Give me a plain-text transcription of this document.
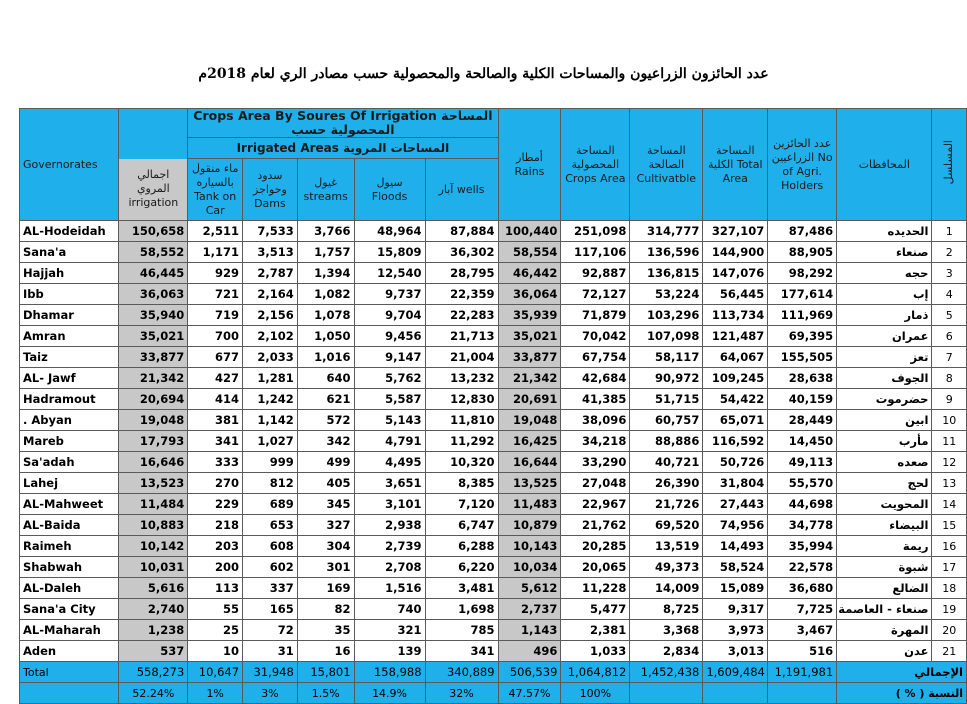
عدد الحائزون الزراعيون والمساحات الكلية والصالحة والمحصولية حسب مصادر الري لعام 2018م
Governorates		Crops Area By Soures Of Irrigation المساحة المحصولية حسب					أمطار Rains	المساحة المحصولية Crops Area	المساحة الصالحة Cultivatble	المساحة الكلية Total Area	عدد الحائزين الزراعيين No of Agri. Holders	المحافظات	المسلسل
		Irrigated Areas المساحات المروية											
	اجمالي المروي irrigation	ماء منقول بالسياره Tank on Car	سدود وحواجز Dams	غيول streams	سيول Floods	آبار wells							
AL-Hodeidah	150,658	2,511	7,533	3,766	48,964	87,884	100,440	251,098	314,777	327,107	87,486	الحديده	1
Sana'a	58,552	1,171	3,513	1,757	15,809	36,302	58,554	117,106	136,596	144,900	88,905	صنعاء	2
Hajjah	46,445	929	2,787	1,394	12,540	28,795	46,442	92,887	136,815	147,076	98,292	حجه	3
Ibb	36,063	721	2,164	1,082	9,737	22,359	36,064	72,127	53,224	56,445	177,614	إب	4
Dhamar	35,940	719	2,156	1,078	9,704	22,283	35,939	71,879	103,296	113,734	111,969	ذمار	5
Amran	35,021	700	2,102	1,050	9,456	21,713	35,021	70,042	107,098	121,487	69,395	عمران	6
Taiz	33,877	677	2,033	1,016	9,147	21,004	33,877	67,754	58,117	64,067	155,505	تعز	7
AL- Jawf	21,342	427	1,281	640	5,762	13,232	21,342	42,684	90,972	109,245	28,638	الجوف	8
Hadramout	20,694	414	1,242	621	5,587	12,830	20,691	41,385	51,715	54,422	40,159	حضرموت	9
. Abyan	19,048	381	1,142	572	5,143	11,810	19,048	38,096	60,757	65,071	28,449	ابين	10
Mareb	17,793	341	1,027	342	4,791	11,292	16,425	34,218	88,886	116,592	14,450	مأرب	11
Sa'adah	16,646	333	999	499	4,495	10,320	16,644	33,290	40,721	50,726	49,113	صعده	12
Lahej	13,523	270	812	405	3,651	8,385	13,525	27,048	26,390	31,804	55,570	لحج	13
AL-Mahweet	11,484	229	689	345	3,101	7,120	11,483	22,967	21,726	27,443	44,698	المحويت	14
AL-Baida	10,883	218	653	327	2,938	6,747	10,879	21,762	69,520	74,956	34,778	البيضاء	15
Raimeh	10,142	203	608	304	2,739	6,288	10,143	20,285	13,519	14,493	35,994	ريمة	16
Shabwah	10,031	200	602	301	2,708	6,220	10,034	20,065	49,373	58,524	22,578	شبوة	17
AL-Daleh	5,616	113	337	169	1,516	3,481	5,612	11,228	14,009	15,089	36,680	الضالع	18
Sana'a City	2,740	55	165	82	740	1,698	2,737	5,477	8,725	9,317	7,725	صنعاء - العاصمة	19
AL-Maharah	1,238	25	72	35	321	785	1,143	2,381	3,368	3,973	3,467	المهرة	20
Aden	537	10	31	16	139	341	496	1,033	2,834	3,013	516	عدن	21
Total	558,273	10,647	31,948	15,801	158,988	340,889	506,539	1,064,812	1,452,438	1,609,484	1,191,981	الإجمالي	
	52.24%	1%	3%	1.5%	14.9%	32%	47.57%	100%				النسبة ( % )	
